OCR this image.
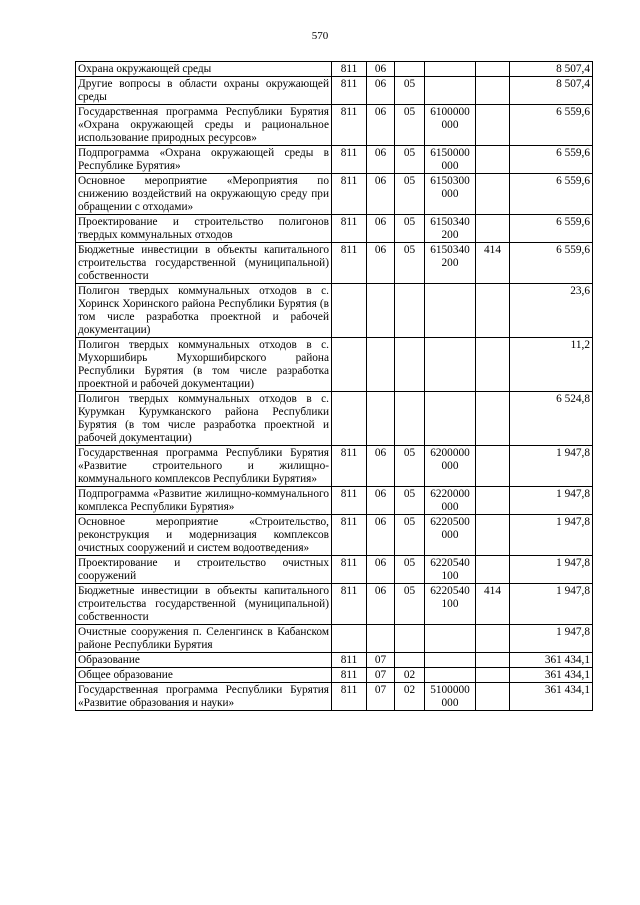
570
Охрана окружающей среды	811	06				8 507,4
Другие вопросы в области охраны окружающей среды	811	06	05			8 507,4
Государственная программа Республики Бурятия «Охрана окружающей среды и рациональное использование природных ресурсов»	811	06	05	6100000 000		6 559,6
Подпрограмма «Охрана окружающей среды в Республике Бурятия»	811	06	05	6150000 000		6 559,6
Основное мероприятие «Мероприятия по снижению воздействий на окружающую среду при обращении с отходами»	811	06	05	6150300 000		6 559,6
Проектирование и строительство полигонов твердых коммунальных отходов	811	06	05	6150340 200		6 559,6
Бюджетные инвестиции в объекты капитального строительства государственной (муниципальной) собственности	811	06	05	6150340 200	414	6 559,6
Полигон твердых коммунальных отходов в с. Хоринск Хоринского района Республики Бурятия (в том числе разработка проектной и рабочей документации)						23,6
Полигон твердых коммунальных отходов в с. Мухоршибирь Мухоршибирского района Республики Бурятия (в том числе разработка проектной и рабочей документации)						11,2
Полигон твердых коммунальных отходов в с. Курумкан Курумканского района Республики Бурятия (в том числе разработка проектной и рабочей документации)						6 524,8
Государственная программа Республики Бурятия «Развитие строительного и жилищно-коммунального комплексов Республики Бурятия»	811	06	05	6200000 000		1 947,8
Подпрограмма «Развитие жилищно-коммунального комплекса Республики Бурятия»	811	06	05	6220000 000		1 947,8
Основное мероприятие «Строительство, реконструкция и модернизация комплексов очистных сооружений и систем водоотведения»	811	06	05	6220500 000		1 947,8
Проектирование и строительство очистных сооружений	811	06	05	6220540 100		1 947,8
Бюджетные инвестиции в объекты капитального строительства государственной (муниципальной) собственности	811	06	05	6220540 100	414	1 947,8
Очистные сооружения п. Селенгинск в Кабанском районе Республики Бурятия						1 947,8
Образование	811	07				361 434,1
Общее образование	811	07	02			361 434,1
Государственная программа Республики Бурятия «Развитие образования и науки»	811	07	02	5100000 000		361 434,1
